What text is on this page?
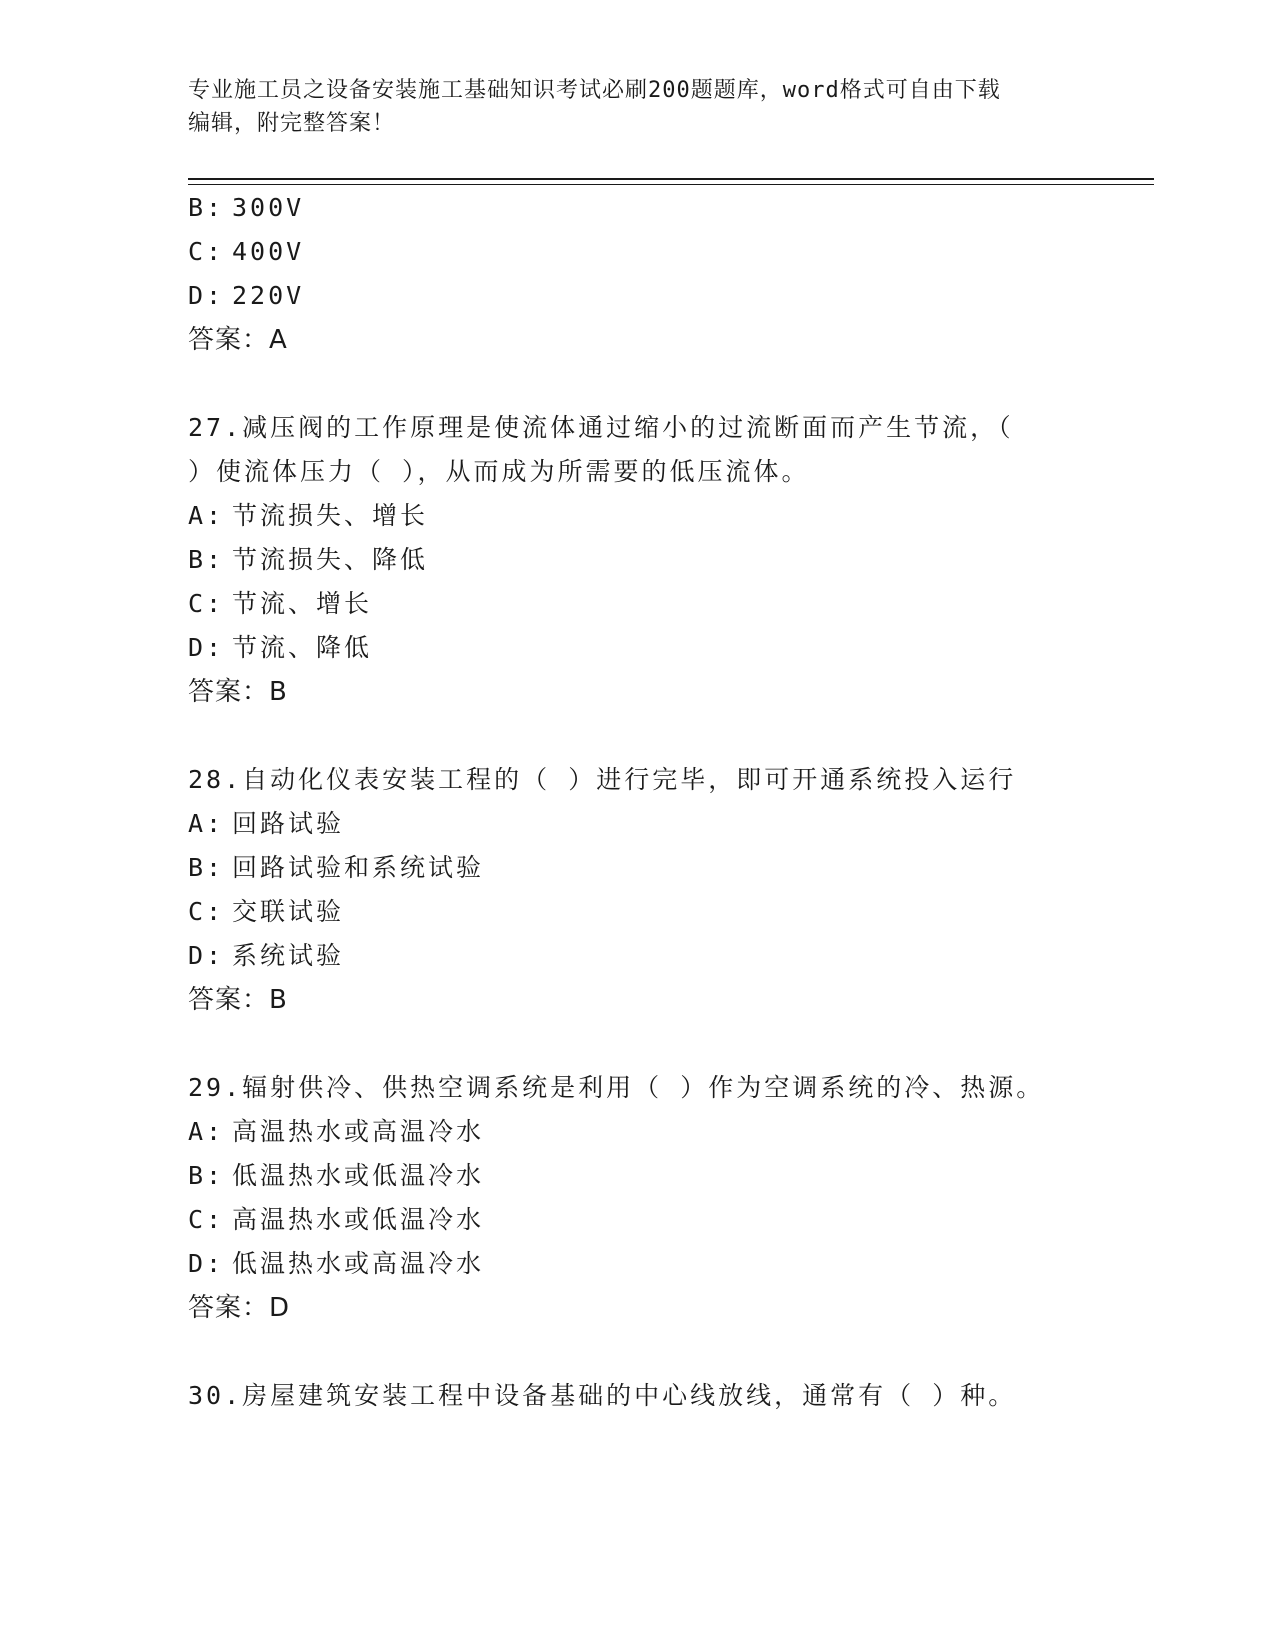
专业施工员之设备安装施工基础知识考试必刷200题题库，word格式可自由下载
编辑，附完整答案！
B: 300V
C: 400V
D: 220V
答案：A
27.减压阀的工作原理是使流体通过缩小的过流断面而产生节流，（
）使流体压力（ ），从而成为所需要的低压流体。
A: 节流损失、增长
B: 节流损失、降低
C: 节流、增长
D: 节流、降低
答案：B
28.自动化仪表安装工程的（ ）进行完毕，即可开通系统投入运行
A: 回路试验
B: 回路试验和系统试验
C: 交联试验
D: 系统试验
答案：B
29.辐射供冷、供热空调系统是利用（ ）作为空调系统的冷、热源。
A: 高温热水或高温冷水
B: 低温热水或低温冷水
C: 高温热水或低温冷水
D: 低温热水或高温冷水
答案：D
30.房屋建筑安装工程中设备基础的中心线放线，通常有（ ）种。
